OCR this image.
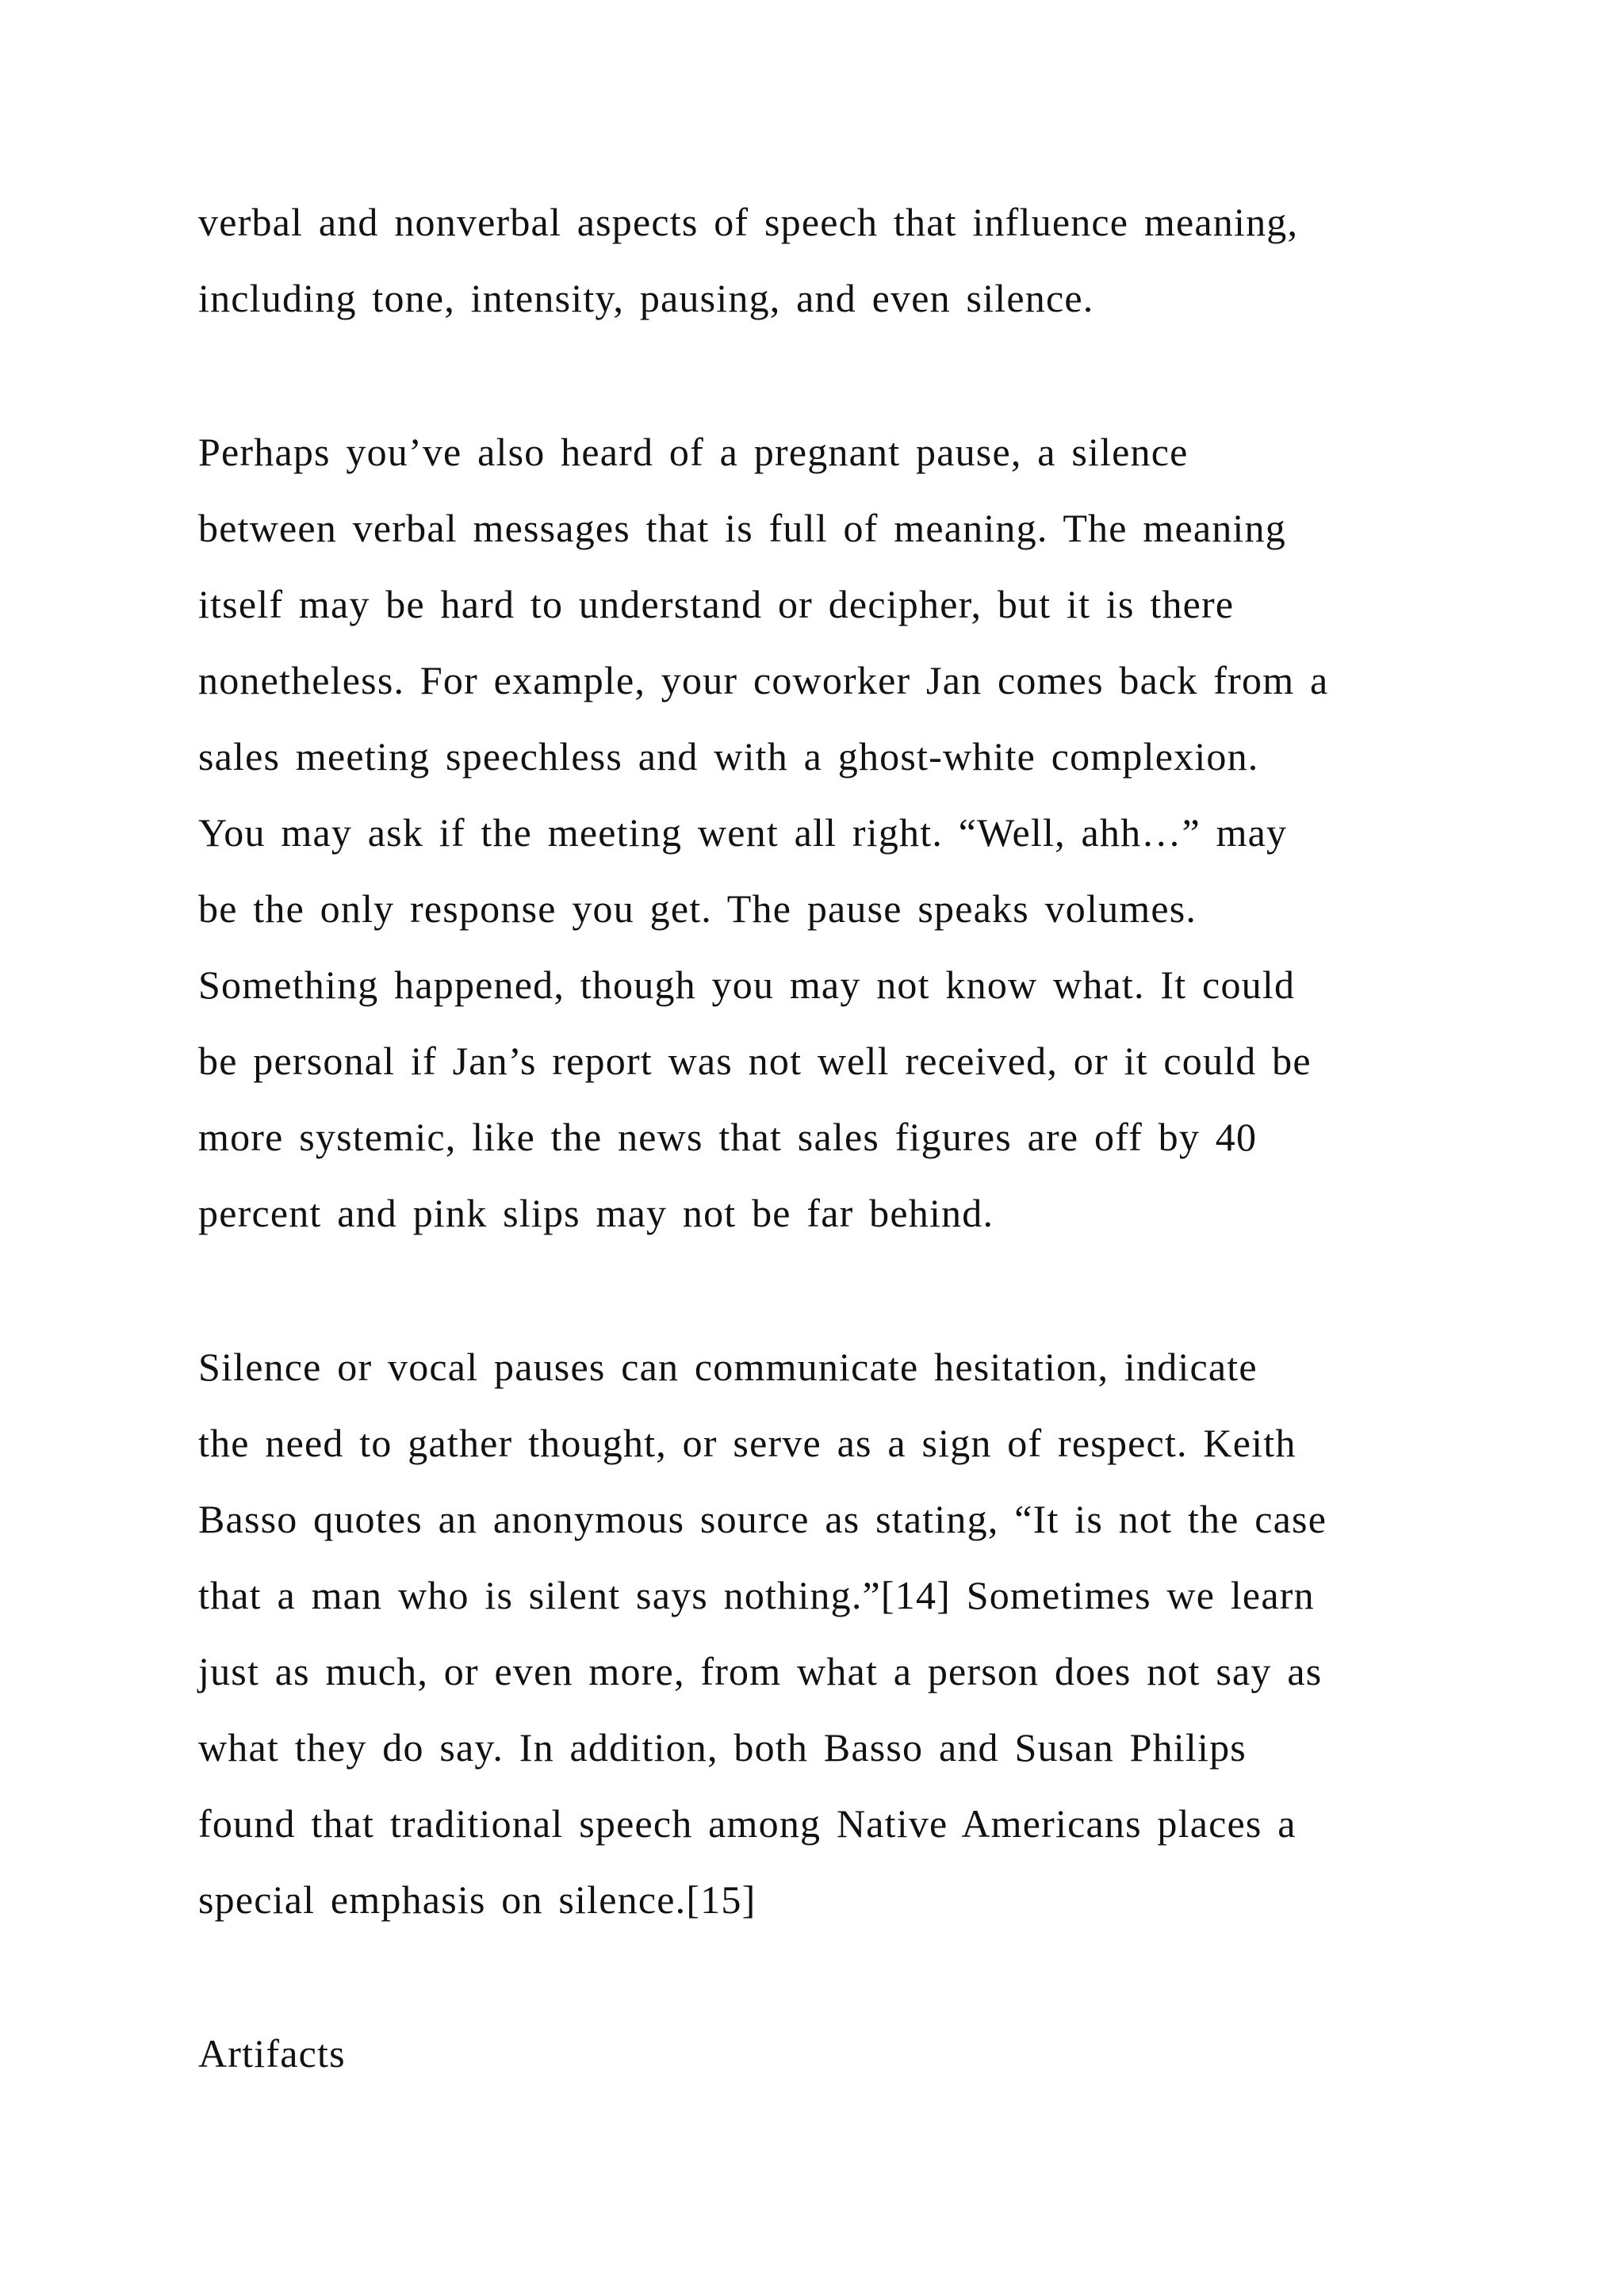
verbal and nonverbal aspects of speech that influence meaning,

including tone, intensity, pausing, and even silence.

Perhaps you’ve also heard of a pregnant pause, a silence

between verbal messages that is full of meaning. The meaning

itself may be hard to understand or decipher, but it is there

nonetheless. For example, your coworker Jan comes back from a

sales meeting speechless and with a ghost-white complexion.

You may ask if the meeting went all right. “Well, ahh…” may

be the only response you get. The pause speaks volumes.

Something happened, though you may not know what. It could

be personal if Jan’s report was not well received, or it could be

more systemic, like the news that sales figures are off by 40

percent and pink slips may not be far behind.

Silence or vocal pauses can communicate hesitation, indicate

the need to gather thought, or serve as a sign of respect. Keith

Basso quotes an anonymous source as stating, “It is not the case

that a man who is silent says nothing.”[14] Sometimes we learn

just as much, or even more, from what a person does not say as

what they do say. In addition, both Basso and Susan Philips

found that traditional speech among Native Americans places a

special emphasis on silence.[15]

Artifacts
